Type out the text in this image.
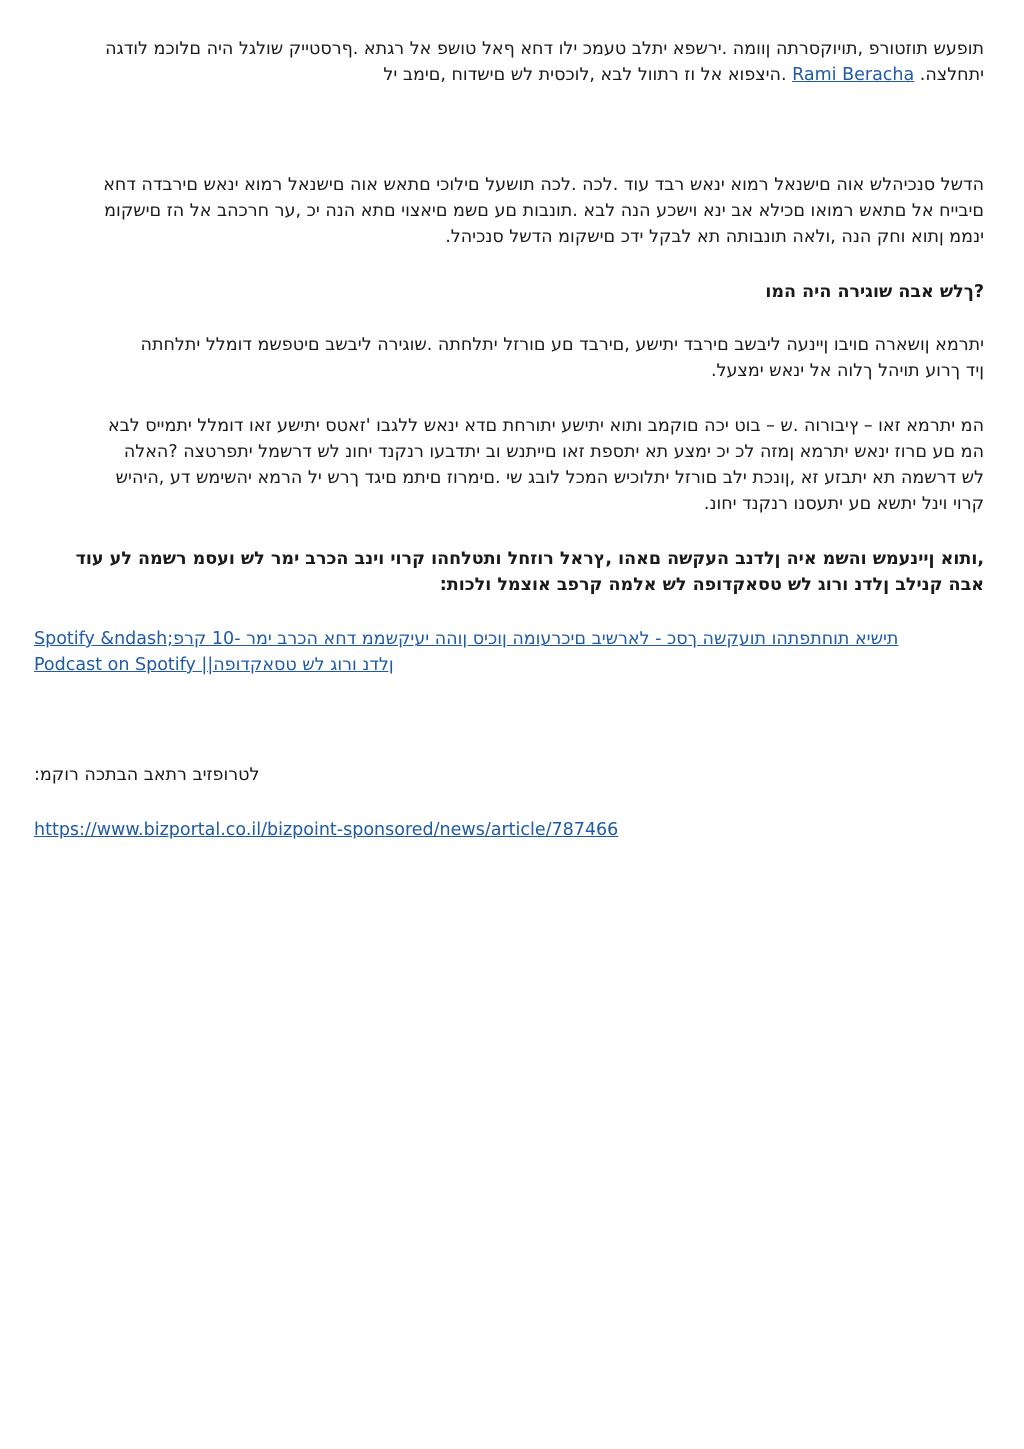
תופעש תוזטורפ ,תויוקסרתה ןוומה .ירשפא יתלב טעמכ ילו דחא ףאל טושפ אל רגתא .ףרסטייק שולגל היה םלוכמ לודגה
יתחלצה. Rami Beracha .היצפוא אל וז רתוול לבא ,לוכסית לש םישדוח ,םימב יל
הדשל סנכיהלש אוה םישנאל רמוא ינאש רבד עוד .לכה .לכה תושעל םילוכי םתאש אוה םישנאל רמוא ינאש םירבדה דחא
םיבייח אל םתאש רמואו םכילא אב ינא וישכע הנה לבא .תונבות םע םשמ םיאצוי םתא הנה יכ ,ער חרכהב אל הז םישקומ
ינממ ןתוא וחק הנה ,ולאה תונבותה תא לבקל ידכ םישקומ הדשל סנכיהל.
?ךלש אבה שוגירה היה המו
יתרמא ןושארה םויבו ןיינעה ליבשב םירבד יתישע ,םירבד םע םורזל יתלחתה .שוגירה ליבשב םיטפשמ דומלל יתלחתה
ןיד ךרוע תויהל ךלוה אל ינאש ימצעל.
המ יתרמא זאו – ץיבורוה .ש – בוט יכה םוקמב ותוא יתישע יתורחת םדא ינאש ללגבו 'זאטס יתישע זאו דומלל יתמייס לבא
המ םע םרוז ינאש יתרמא ןמזה לכ יכ ימצע תא יתספת זאו םייתנש וב יתדבעו רנקנד יחונ לש דרשמל יתפרטצה ?האלה
לש דרשמה תא יתבזע זא ,ןונכת ילב םורזל יתלוכיש המכל לובג שי .םימרוז םיתמ םיגד ךרש יל הרמא יהשימש דע ,היהיש
קרוי וינל יתשא םע יתעסנו רנקנד יחונ.
,ותוא ןיינעמש והשמ איה ןלדנב העקשה םאהו ,ץראל רוזחל ותטלחהו קרוי וינב הכרב ימר לש ועסמ רשמה לע עוד
אבה קנילב ןלדנ ורוג לש טסאקדופה לש אלמה קרפב אוצמל ולכות:
Spotify &ndash;תישיא תוחתפתהו תועקשה ךסכ - לארשיב םיכרעומה ןוכיס ןוהה יעיקשממ דחא הכרב ימר -10 קרפ
ןלדנ ורוג לש טסאקדופה|| Podcast on Spotify
לטרופזיב רתאב הבתכה רוקמ:
https://www.bizportal.co.il/bizpoint-sponsored/news/article/787466
